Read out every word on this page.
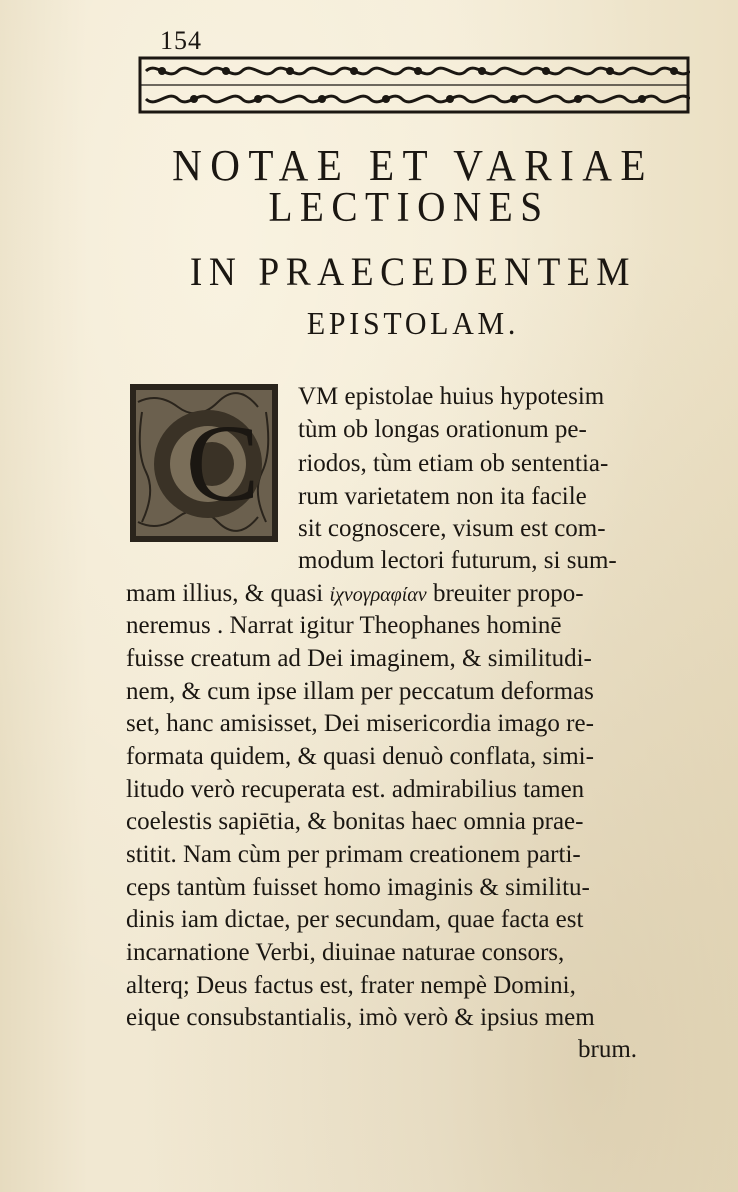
154
NOTAE ET VARIAE
LECTIONES
IN PRAECEDENTEM
EPISTOLAM.
C
VM epistolae huius hypotesim
tùm ob longas orationum pe-
riodos, tùm etiam ob sententia-
rum varietatem non ita facile
sit cognoscere, visum est com-
modum lectori futurum, si sum-
mam illius, & quasi ἰχνογραφίαν breuiter propo-
neremus . Narrat igitur Theophanes hominē
fuisse creatum ad Dei imaginem, & similitudi-
nem, & cum ipse illam per peccatum deformas
set, hanc amisisset, Dei misericordia imago re-
formata quidem, & quasi denuò conflata, simi-
litudo verò recuperata est. admirabilius tamen
coelestis sapiētia, & bonitas haec omnia prae-
stitit. Nam cùm per primam creationem parti-
ceps tantùm fuisset homo imaginis & similitu-
dinis iam dictae, per secundam, quae facta est
incarnatione Verbi, diuinae naturae consors,
alterq; Deus factus est, frater nempè Domini,
eique consubstantialis, imò verò & ipsius mem
brum.
